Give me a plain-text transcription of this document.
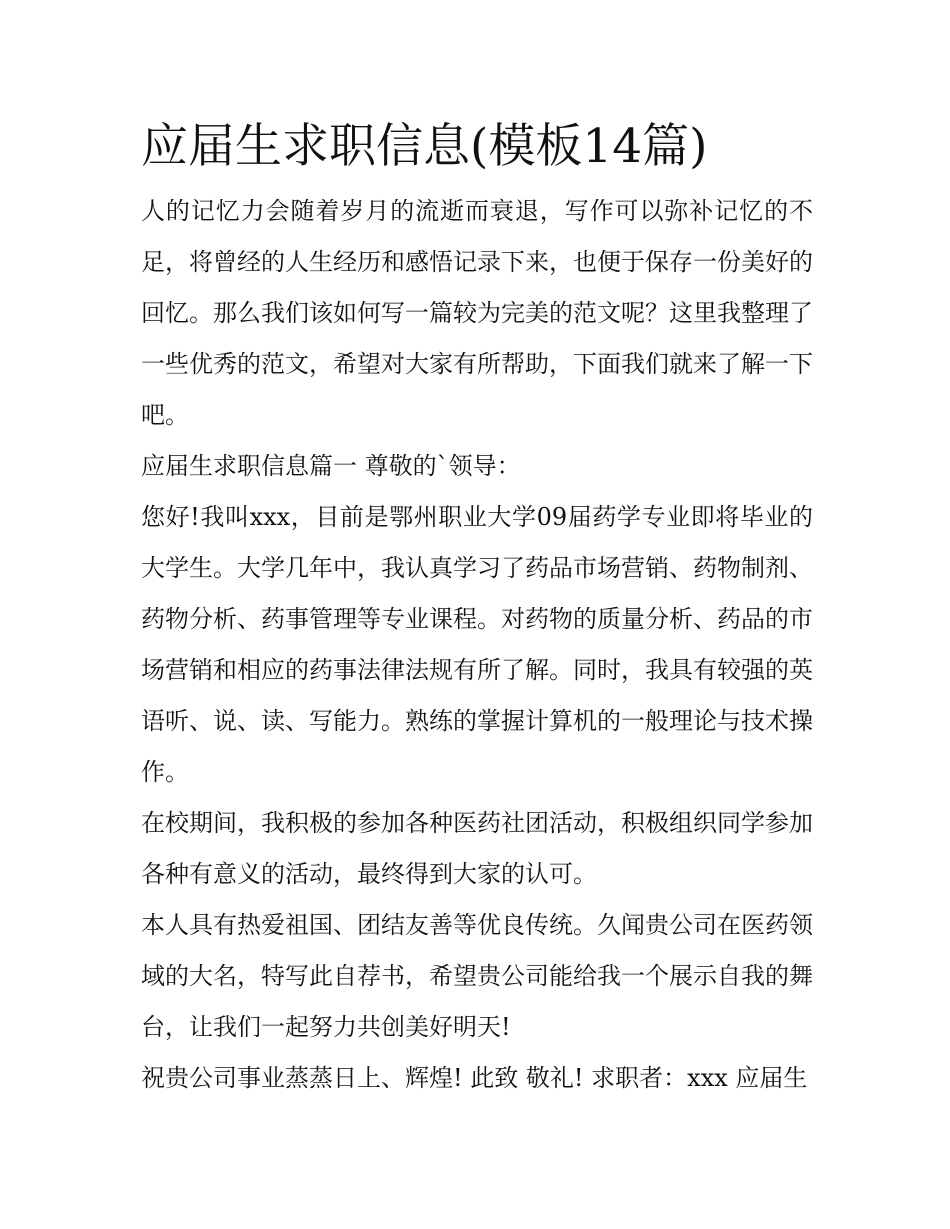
应届生求职信息(模板14篇)

人的记忆力会随着岁月的流逝而衰退，写作可以弥补记忆的不足，将曾经的人生经历和感悟记录下来，也便于保存一份美好的回忆。那么我们该如何写一篇较为完美的范文呢？这里我整理了一些优秀的范文，希望对大家有所帮助，下面我们就来了解一下吧。

应届生求职信息篇一 尊敬的`领导：

您好!我叫xxx，目前是鄂州职业大学09届药学专业即将毕业的大学生。大学几年中，我认真学习了药品市场营销、药物制剂、药物分析、药事管理等专业课程。对药物的质量分析、药品的市场营销和相应的药事法律法规有所了解。同时，我具有较强的英语听、说、读、写能力。熟练的掌握计算机的一般理论与技术操作。

在校期间，我积极的参加各种医药社团活动，积极组织同学参加各种有意义的活动，最终得到大家的认可。

本人具有热爱祖国、团结友善等优良传统。久闻贵公司在医药领域的大名，特写此自荐书，希望贵公司能给我一个展示自我的舞台，让我们一起努力共创美好明天!

祝贵公司事业蒸蒸日上、辉煌! 此致 敬礼! 求职者：xxx 应届生
